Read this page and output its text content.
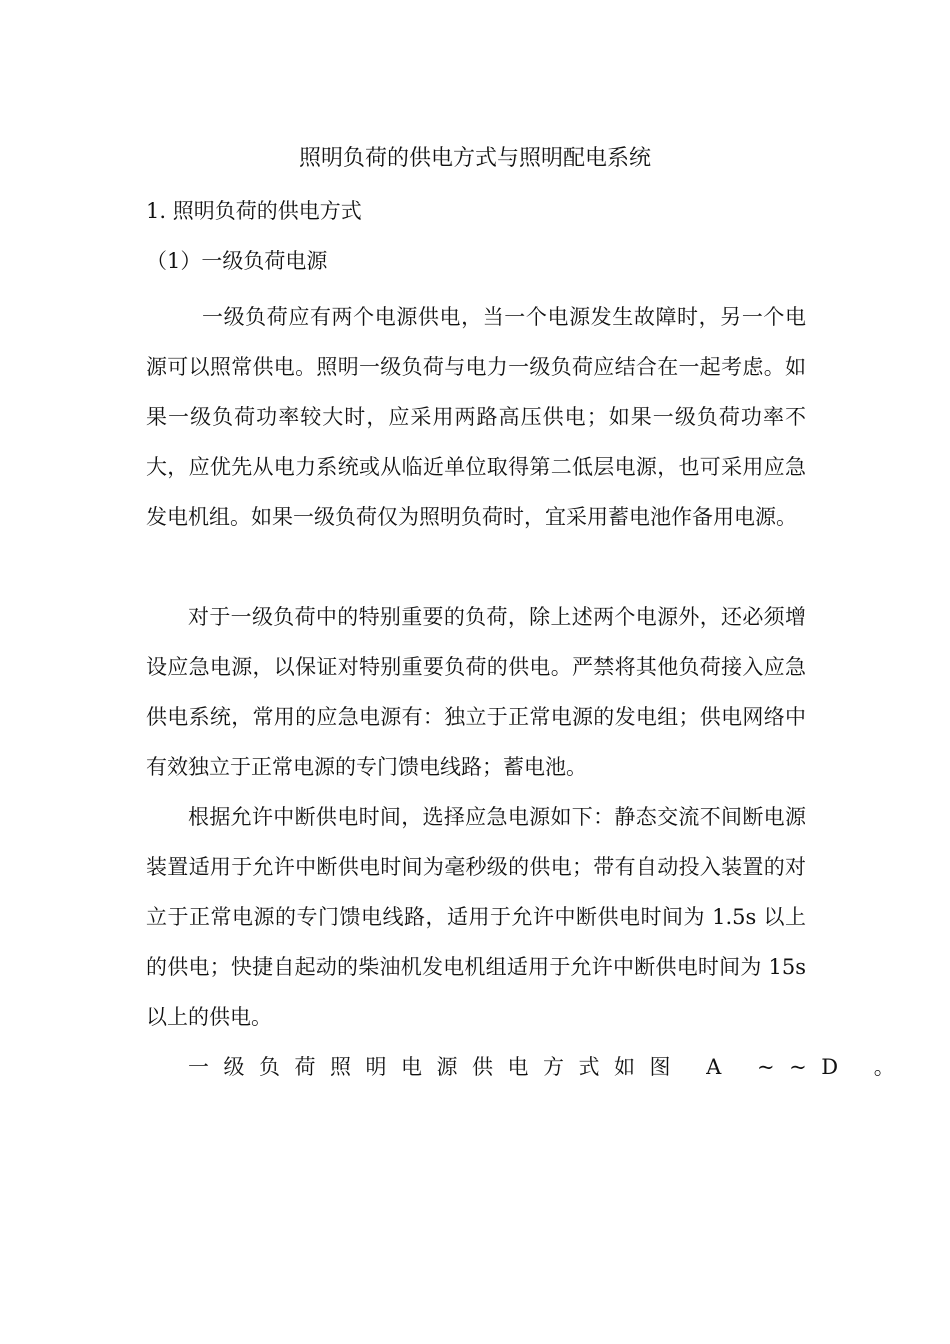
照明负荷的供电方式与照明配电系统
1. 照明负荷的供电方式
（1）一级负荷电源

一级负荷应有两个电源供电，当一个电源发生故障时，另一个电源可以照常供电。照明一级负荷与电力一级负荷应结合在一起考虑。如果一级负荷功率较大时，应采用两路高压供电；如果一级负荷功率不大，应优先从电力系统或从临近单位取得第二低层电源，也可采用应急发电机组。如果一级负荷仅为照明负荷时，宜采用蓄电池作备用电源。

对于一级负荷中的特别重要的负荷，除上述两个电源外，还必须增设应急电源，以保证对特别重要负荷的供电。严禁将其他负荷接入应急供电系统，常用的应急电源有：独立于正常电源的发电组；供电网络中有效独立于正常电源的专门馈电线路；蓄电池。

根据允许中断供电时间，选择应急电源如下：静态交流不间断电源装置适用于允许中断供电时间为毫秒级的供电；带有自动投入装置的对立于正常电源的专门馈电线路，适用于允许中断供电时间为 1.5s 以上的供电；快捷自起动的柴油机发电机组适用于允许中断供电时间为 15s 以上的供电。

一级负荷照明电源供电方式如图 A ~~D 。
